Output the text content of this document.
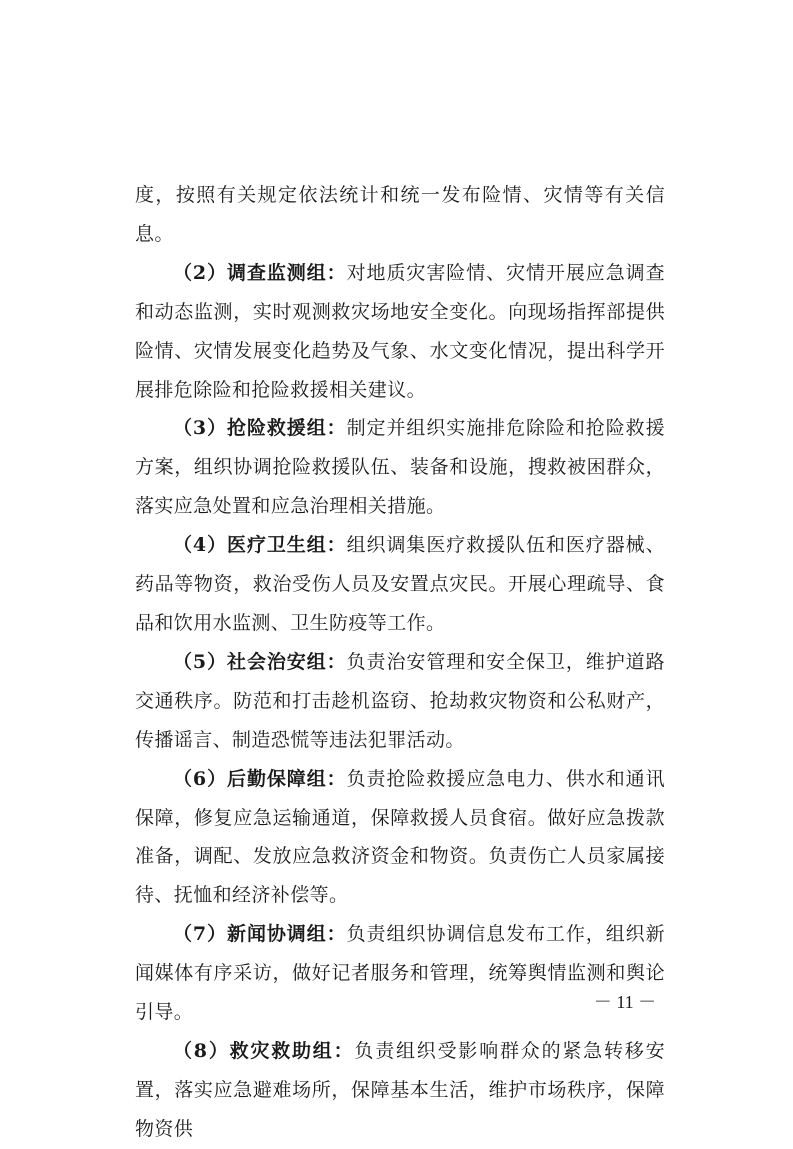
度，按照有关规定依法统计和统一发布险情、灾情等有关信息。

（2）调查监测组：对地质灾害险情、灾情开展应急调查和动态监测，实时观测救灾场地安全变化。向现场指挥部提供险情、灾情发展变化趋势及气象、水文变化情况，提出科学开展排危除险和抢险救援相关建议。

（3）抢险救援组：制定并组织实施排危除险和抢险救援方案，组织协调抢险救援队伍、装备和设施，搜救被困群众，落实应急处置和应急治理相关措施。

（4）医疗卫生组：组织调集医疗救援队伍和医疗器械、药品等物资，救治受伤人员及安置点灾民。开展心理疏导、食品和饮用水监测、卫生防疫等工作。

（5）社会治安组：负责治安管理和安全保卫，维护道路交通秩序。防范和打击趁机盗窃、抢劫救灾物资和公私财产，传播谣言、制造恐慌等违法犯罪活动。

（6）后勤保障组：负责抢险救援应急电力、供水和通讯保障，修复应急运输通道，保障救援人员食宿。做好应急拨款准备，调配、发放应急救济资金和物资。负责伤亡人员家属接待、抚恤和经济补偿等。

（7）新闻协调组：负责组织协调信息发布工作，组织新闻媒体有序采访，做好记者服务和管理，统筹舆情监测和舆论引导。

（8）救灾救助组：负责组织受影响群众的紧急转移安置，落实应急避难场所，保障基本生活，维护市场秩序，保障物资供

－ 11 －
